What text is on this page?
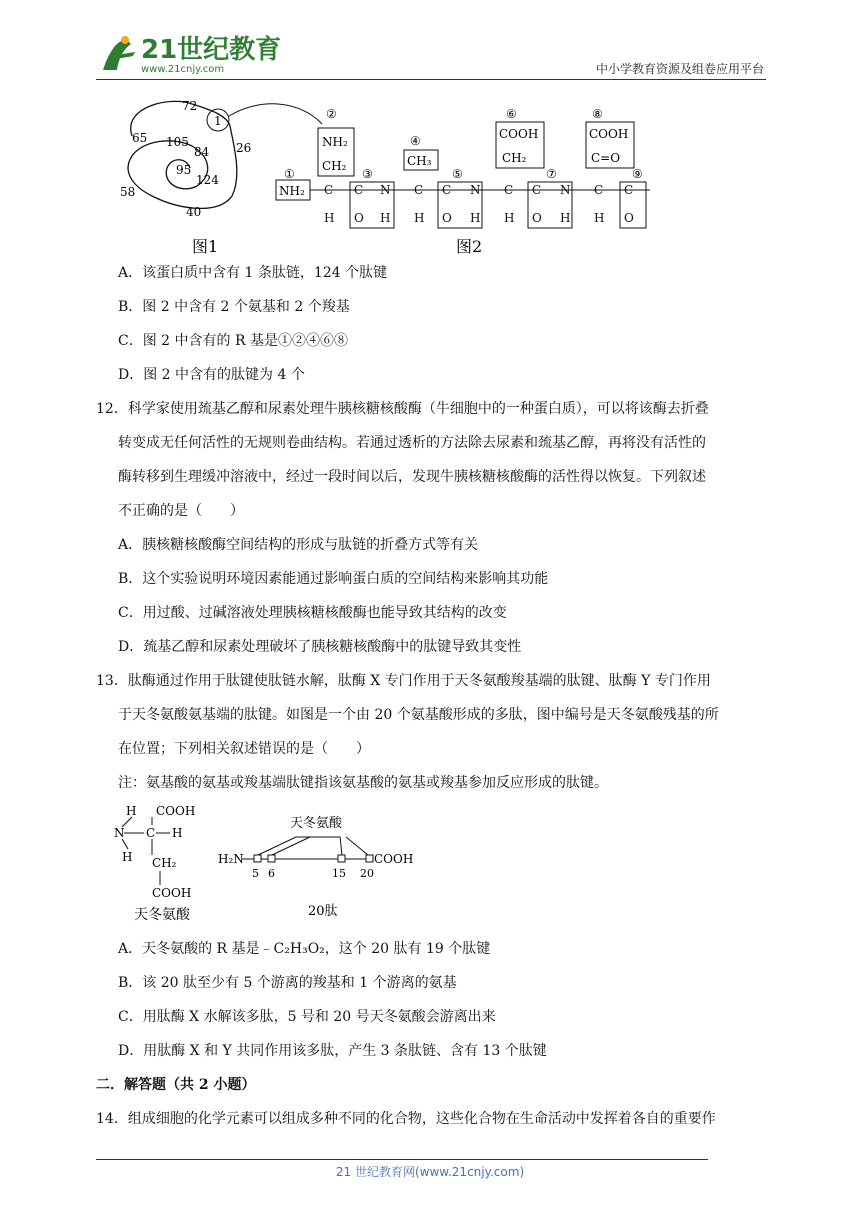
21世纪教育
www.21cnjy.com	中小学教育资源及组卷应用平台
1
72
65 105
84 26
95
124
58
40
图1
①
②
③
④
⑤
⑥
⑦
⑧
⑨
NH₂
NH₂
CH₂	CH₃
COOH
CH₂
COOH
C=O
C
H
C
O
N
H
C
H
C
O
N
H
C
H
C
O
N
H
C
H
C
O
图2
A．该蛋白质中含有 1 条肽链，124 个肽键
B．图 2 中含有 2 个氨基和 2 个羧基
C．图 2 中含有的 R 基是①②④⑥⑧
D．图 2 中含有的肽键为 4 个
12．科学家使用巯基乙醇和尿素处理牛胰核糖核酸酶（牛细胞中的一种蛋白质），可以将该酶去折叠
转变成无任何活性的无规则卷曲结构。若通过透析的方法除去尿素和巯基乙醇，再将没有活性的
酶转移到生理缓冲溶液中，经过一段时间以后，发现牛胰核糖核酸酶的活性得以恢复。下列叙述
不正确的是（　　）
A．胰核糖核酸酶空间结构的形成与肽链的折叠方式等有关
B．这个实验说明环境因素能通过影响蛋白质的空间结构来影响其功能
C．用过酸、过碱溶液处理胰核糖核酸酶也能导致其结构的改变
D．巯基乙醇和尿素处理破坏了胰核糖核酸酶中的肽键导致其变性
13．肽酶通过作用于肽键使肽链水解，肽酶 X 专门作用于天冬氨酸羧基端的肽键、肽酶 Y 专门作用
于天冬氨酸氨基端的肽键。如图是一个由 20 个氨基酸形成的多肽，图中编号是天冬氨酸残基的所
在位置；下列相关叙述错误的是（　　）
注：氨基酸的氨基或羧基端肽键指该氨基酸的氨基或羧基参加反应形成的肽键。
H COOH
N C H
H CH₂
COOH
天冬氨酸
H₂N	COOH
天冬氨酸
5 6	15 20
20肽
A．天冬氨酸的 R 基是﹣C₂H₃O₂，这个 20 肽有 19 个肽键
B．该 20 肽至少有 5 个游离的羧基和 1 个游离的氨基
C．用肽酶 X 水解该多肽，5 号和 20 号天冬氨酸会游离出来
D．用肽酶 X 和 Y 共同作用该多肽，产生 3 条肽链、含有 13 个肽键
二．解答题（共 2 小题）
14．组成细胞的化学元素可以组成多种不同的化合物，这些化合物在生命活动中发挥着各自的重要作
21 世纪教育网(www.21cnjy.com)
